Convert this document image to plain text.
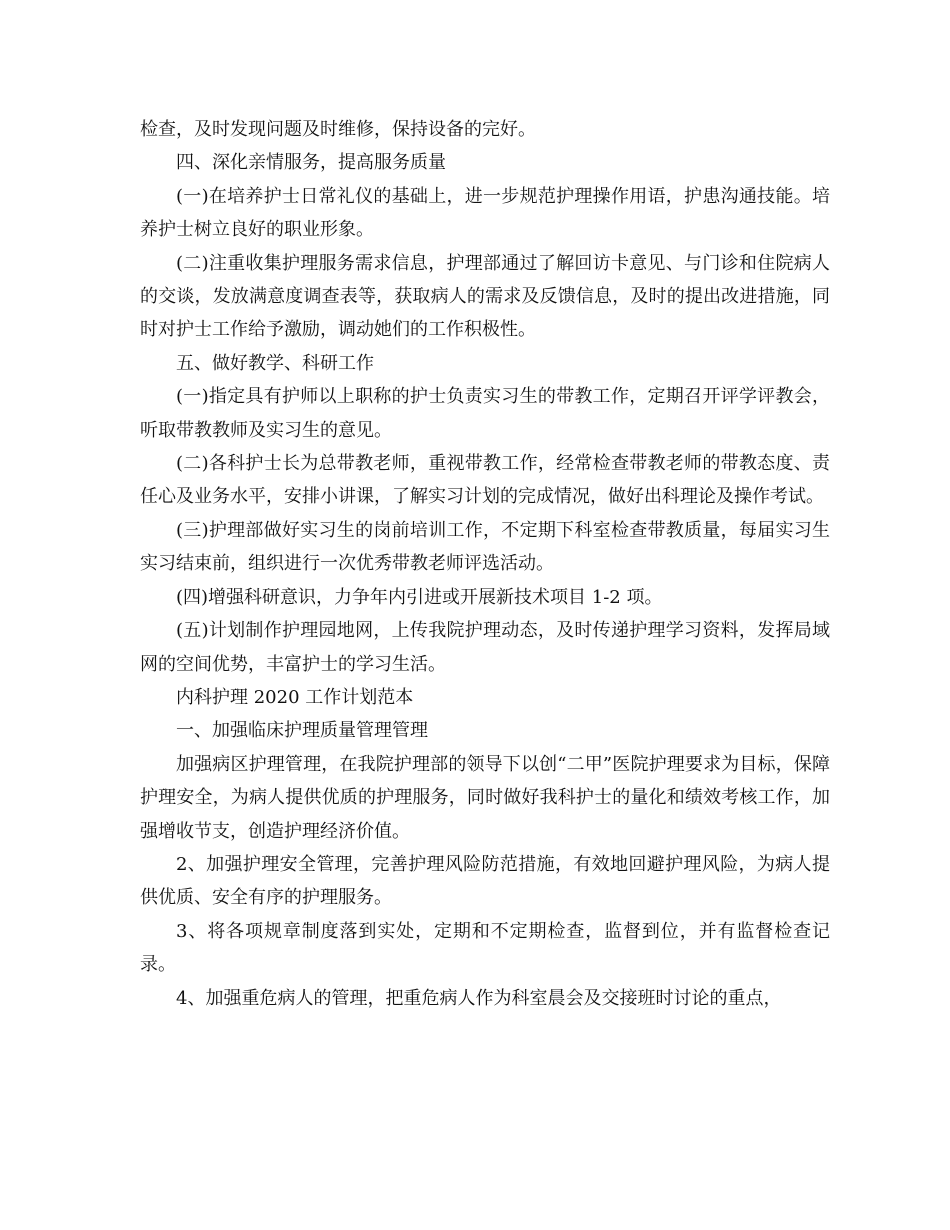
检查，及时发现问题及时维修，保持设备的完好。

四、深化亲情服务，提高服务质量

(一)在培养护士日常礼仪的基础上，进一步规范护理操作用语，护患沟通技能。培养护士树立良好的职业形象。

(二)注重收集护理服务需求信息，护理部通过了解回访卡意见、与门诊和住院病人的交谈，发放满意度调查表等，获取病人的需求及反馈信息，及时的提出改进措施，同时对护士工作给予激励，调动她们的工作积极性。

五、做好教学、科研工作

(一)指定具有护师以上职称的护士负责实习生的带教工作，定期召开评学评教会，听取带教教师及实习生的意见。

(二)各科护士长为总带教老师，重视带教工作，经常检查带教老师的带教态度、责任心及业务水平，安排小讲课，了解实习计划的完成情况，做好出科理论及操作考试。

(三)护理部做好实习生的岗前培训工作，不定期下科室检查带教质量，每届实习生实习结束前，组织进行一次优秀带教老师评选活动。

(四)增强科研意识，力争年内引进或开展新技术项目 1-2 项。

(五)计划制作护理园地网，上传我院护理动态，及时传递护理学习资料，发挥局域网的空间优势，丰富护士的学习生活。

内科护理 2020 工作计划范本

一、加强临床护理质量管理管理

加强病区护理管理，在我院护理部的领导下以创“二甲”医院护理要求为目标，保障护理安全，为病人提供优质的护理服务，同时做好我科护士的量化和绩效考核工作，加强增收节支，创造护理经济价值。

2、加强护理安全管理，完善护理风险防范措施，有效地回避护理风险，为病人提供优质、安全有序的护理服务。

3、将各项规章制度落到实处，定期和不定期检查，监督到位，并有监督检查记录。

4、加强重危病人的管理，把重危病人作为科室晨会及交接班时讨论的重点，
